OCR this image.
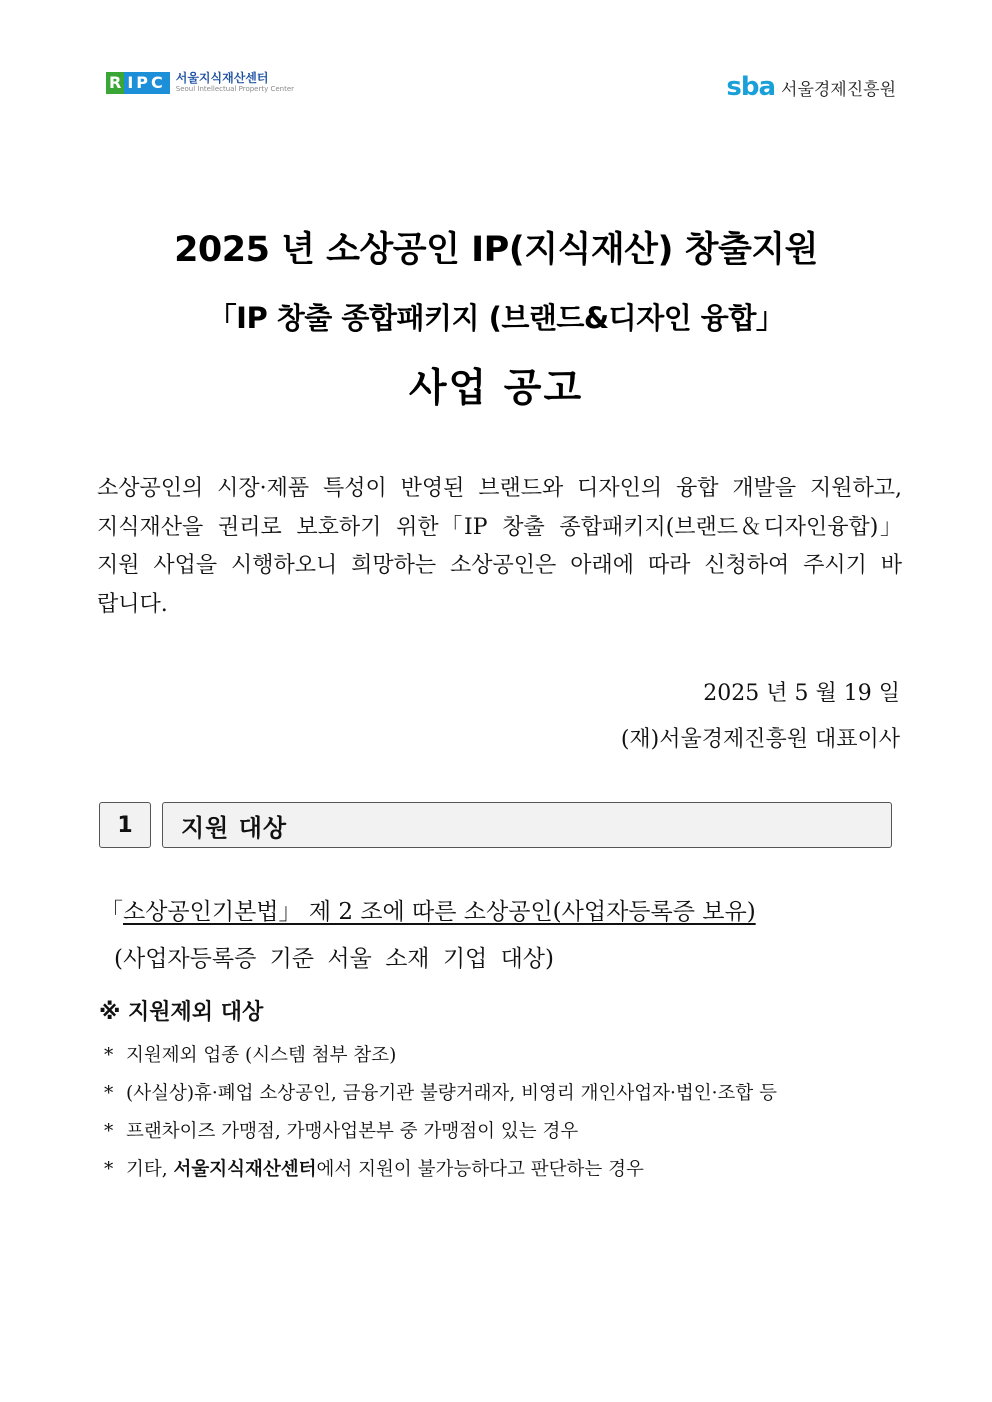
R IPC 서울지식재산센터
Seoul Intellectual Property Center	sba 서울경제진흥원
2025 년 소상공인 IP(지식재산) 창출지원
「IP 창출 종합패키지 (브랜드&디자인 융합」
사업 공고
소상공인의 시장·제품 특성이 반영된 브랜드와 디자인의 융합 개발을 지원하고, 지식재산을 권리로 보호하기 위한「IP 창출 종합패키지(브랜드＆디자인융합)」지원 사업을 시행하오니 희망하는 소상공인은 아래에 따라 신청하여 주시기 바랍니다.
2025 년 5 월 19 일
(재)서울경제진흥원 대표이사
1	지원 대상
「소상공인기본법」 제 2 조에 따른 소상공인(사업자등록증 보유)
(사업자등록증 기준 서울 소재 기업 대상)
※ 지원제외 대상
* 지원제외 업종 (시스템 첨부 참조)
* (사실상)휴·폐업 소상공인, 금융기관 불량거래자, 비영리 개인사업자·법인·조합 등
* 프랜차이즈 가맹점, 가맹사업본부 중 가맹점이 있는 경우
* 기타, 서울지식재산센터에서 지원이 불가능하다고 판단하는 경우
